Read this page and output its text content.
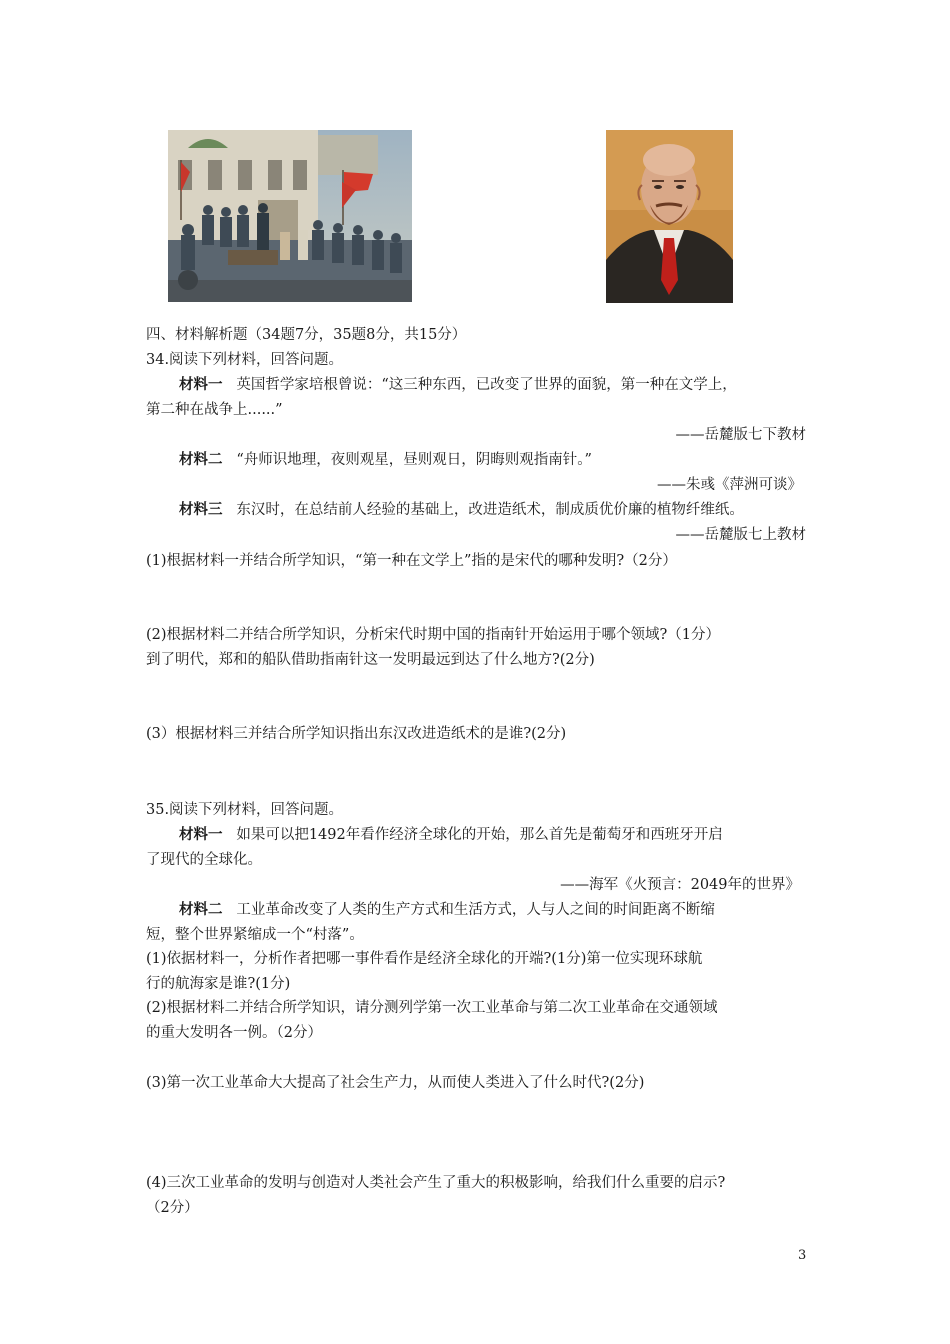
四、材料解析题（34题7分，35题8分，共15分）
34.阅读下列材料，回答问题。
材料一 英国哲学家培根曾说：“这三种东西，已改变了世界的面貌，第一种在文学上，
第二种在战争上......”
——岳麓版七下教材
材料二 “舟师识地理，夜则观星，昼则观日，阴晦则观指南针。”
——朱彧《萍洲可谈》
材料三 东汉时，在总结前人经验的基础上，改进造纸术，制成质优价廉的植物纤维纸。
——岳麓版七上教材
(1)根据材料一并结合所学知识，“第一种在文学上”指的是宋代的哪种发明?（2分）
(2)根据材料二并结合所学知识，分析宋代时期中国的指南针开始运用于哪个领域?（1分）
到了明代，郑和的船队借助指南针这一发明最远到达了什么地方?(2分)
(3）根据材料三并结合所学知识指出东汉改进造纸术的是谁?(2分)
35.阅读下列材料，回答问题。
材料一 如果可以把1492年看作经济全球化的开始，那么首先是葡萄牙和西班牙开启
了现代的全球化。
——海军《火预言：2049年的世界》
材料二 工业革命改变了人类的生产方式和生活方式，人与人之间的时间距离不断缩
短，整个世界紧缩成一个“村落”。
(1)依据材料一，分析作者把哪一事件看作是经济全球化的开端?(1分)第一位实现环球航
行的航海家是谁?(1分)
(2)根据材料二并结合所学知识，请分测列学第一次工业革命与第二次工业革命在交通领域
的重大发明各一例。（2分）
(3)第一次工业革命大大提高了社会生产力，从而使人类进入了什么时代?(2分)
(4)三次工业革命的发明与创造对人类社会产生了重大的积极影响，给我们什么重要的启示?
（2分）
3
